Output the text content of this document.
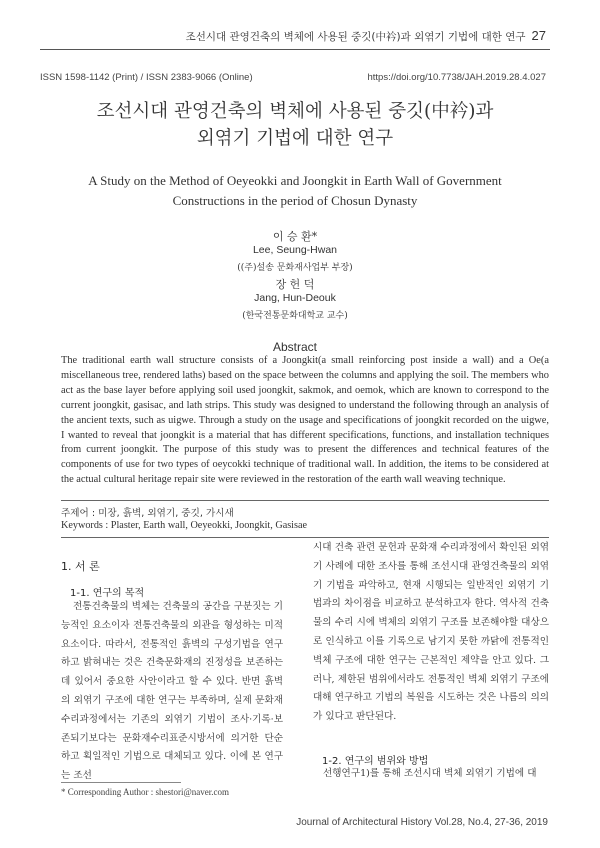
조선시대 관영건축의 벽체에 사용된 중깃(中衿)과 외엮기 기법에 대한 연구 27
ISSN 1598-1142 (Print) / ISSN 2383-9066 (Online)	https://doi.org/10.7738/JAH.2019.28.4.027
조선시대 관영건축의 벽체에 사용된 중깃(中衿)과
외엮기 기법에 대한 연구
A Study on the Method of Oeyeokki and Joongkit in Earth Wall of Government
Constructions in the period of Chosun Dynasty
이 승 환*
Lee, Seung-Hwan
((주)설송 문화재사업부 부장)
장 헌 덕
Jang, Hun-Deouk
(한국전통문화대학교 교수)
Abstract
The traditional earth wall structure consists of a Joongkit(a small reinforcing post inside a wall) and a Oe(a miscellaneous tree, rendered laths) based on the space between the columns and applying the soil. The members who act as the base layer before applying soil used joongkit, sakmok, and oemok, which are known to correspond to the current joongkit, gasisac, and lath strips. This study was designed to understand the following through an analysis of the ancient texts, such as uigwe. Through a study on the usage and specifications of joongkit recorded on the uigwe, I wanted to reveal that joongkit is a material that has different specifications, functions, and installation techniques from current joongkit. The purpose of this study was to present the differences and technical features of the components of use for two types of oeycokki technique of traditional wall. In addition, the items to be considered at the actual cultural heritage repair site were reviewed in the restoration of the earth wall weaving technique.
주제어 : 미장, 흙벽, 외엮기, 중깃, 가시새
Keywords : Plaster, Earth wall, Oeyeokki, Joongkit, Gasisae
1. 서 론
1-1. 연구의 목적
전통건축물의 벽체는 건축물의 공간을 구분짓는 기능적인 요소이자 전통건축물의 외관을 형성하는 미적 요소이다. 따라서, 전통적인 흙벽의 구성기법을 연구하고 밝혀내는 것은 건축문화재의 진정성을 보존하는데 있어서 중요한 사안이라고 할 수 있다. 반면 흙벽의 외엮기 구조에 대한 연구는 부족하며, 실제 문화재수리과정에서는 기존의 외엮기 기법이 조사·기록·보존되기보다는 문화재수리표준시방서에 의거한 단순하고 획일적인 기법으로 대체되고 있다. 이에 본 연구는 조선
시대 건축 관련 문헌과 문화재 수리과정에서 확인된 외엮기 사례에 대한 조사를 통해 조선시대 관영건축물의 외엮기 기법을 파악하고, 현재 시행되는 일반적인 외엮기 기법과의 차이점을 비교하고 분석하고자 한다. 역사적 건축물의 수리 시에 벽체의 외엮기 구조를 보존해야할 대상으로 인식하고 이를 기록으로 남기지 못한 까닭에 전통적인 벽체 구조에 대한 연구는 근본적인 제약을 안고 있다. 그러나, 제한된 범위에서라도 전통적인 벽체 외엮기 구조에 대해 연구하고 기법의 복원을 시도하는 것은 나름의 의의가 있다고 판단된다.
1-2. 연구의 범위와 방법
선행연구1)를 통해 조선시대 벽체 외엮기 기법에 대
* Corresponding Author : shestori@naver.com
Journal of Architectural History Vol.28, No.4, 27-36, 2019
